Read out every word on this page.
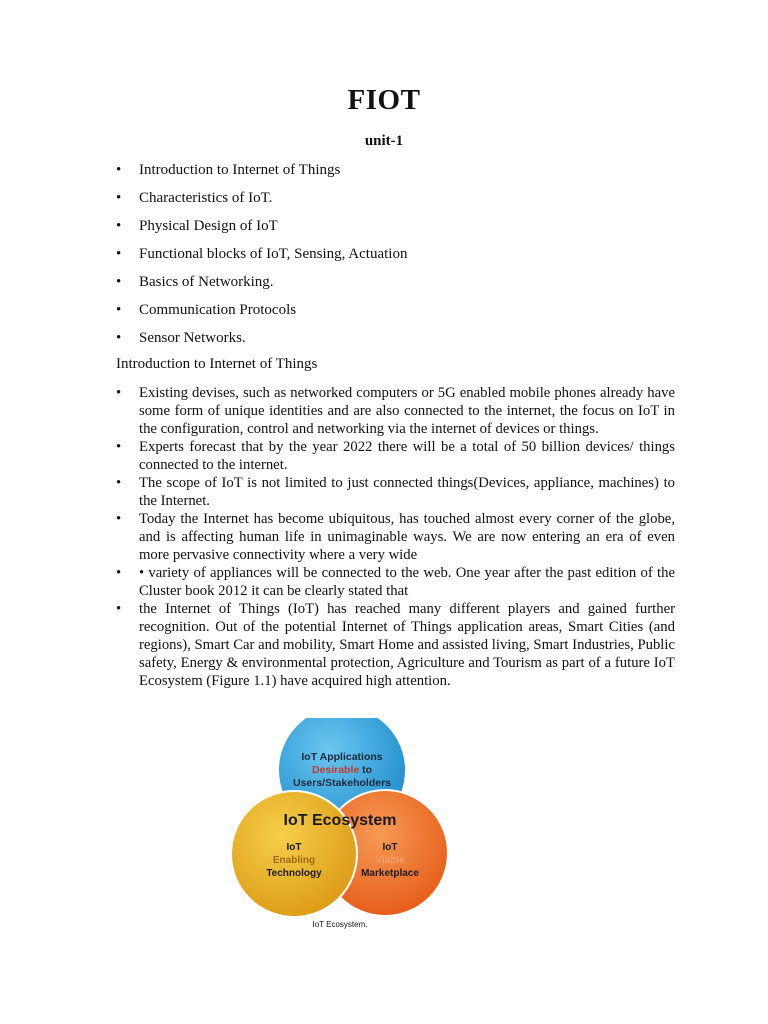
FIOT
unit-1
• Introduction to Internet of Things
• Characteristics of IoT.
• Physical Design of IoT
• Functional blocks of IoT, Sensing, Actuation
• Basics of Networking.
• Communication Protocols
• Sensor Networks.
Introduction to Internet of Things
• Existing devises, such as networked computers or 5G enabled mobile phones already have some form of unique identities and are also connected to the internet, the focus on IoT in the configuration, control and networking via the internet of devices or things.
• Experts forecast that by the year 2022 there will be a total of 50 billion devices/ things connected to the internet.
• The scope of IoT is not limited to just connected things(Devices, appliance, machines) to the Internet.
• Today the Internet has become ubiquitous, has touched almost every corner of the globe, and is affecting human life in unimaginable ways. We are now entering an era of even more pervasive connectivity where a very wide
• • variety of appliances will be connected to the web. One year after the past edition of the Cluster book 2012 it can be clearly stated that
• the Internet of Things (IoT) has reached many different players and gained further recognition. Out of the potential Internet of Things application areas, Smart Cities (and regions), Smart Car and mobility, Smart Home and assisted living, Smart Industries, Public safety, Energy & environmental protection, Agriculture and Tourism as part of a future IoT Ecosystem (Figure 1.1) have acquired high attention.
IoT Applications
Desirable to
Users/Stakeholders
IoT Ecosystem
IoT
Enabling
Technology
IoT
Viable
Marketplace
IoT Ecosystem.
